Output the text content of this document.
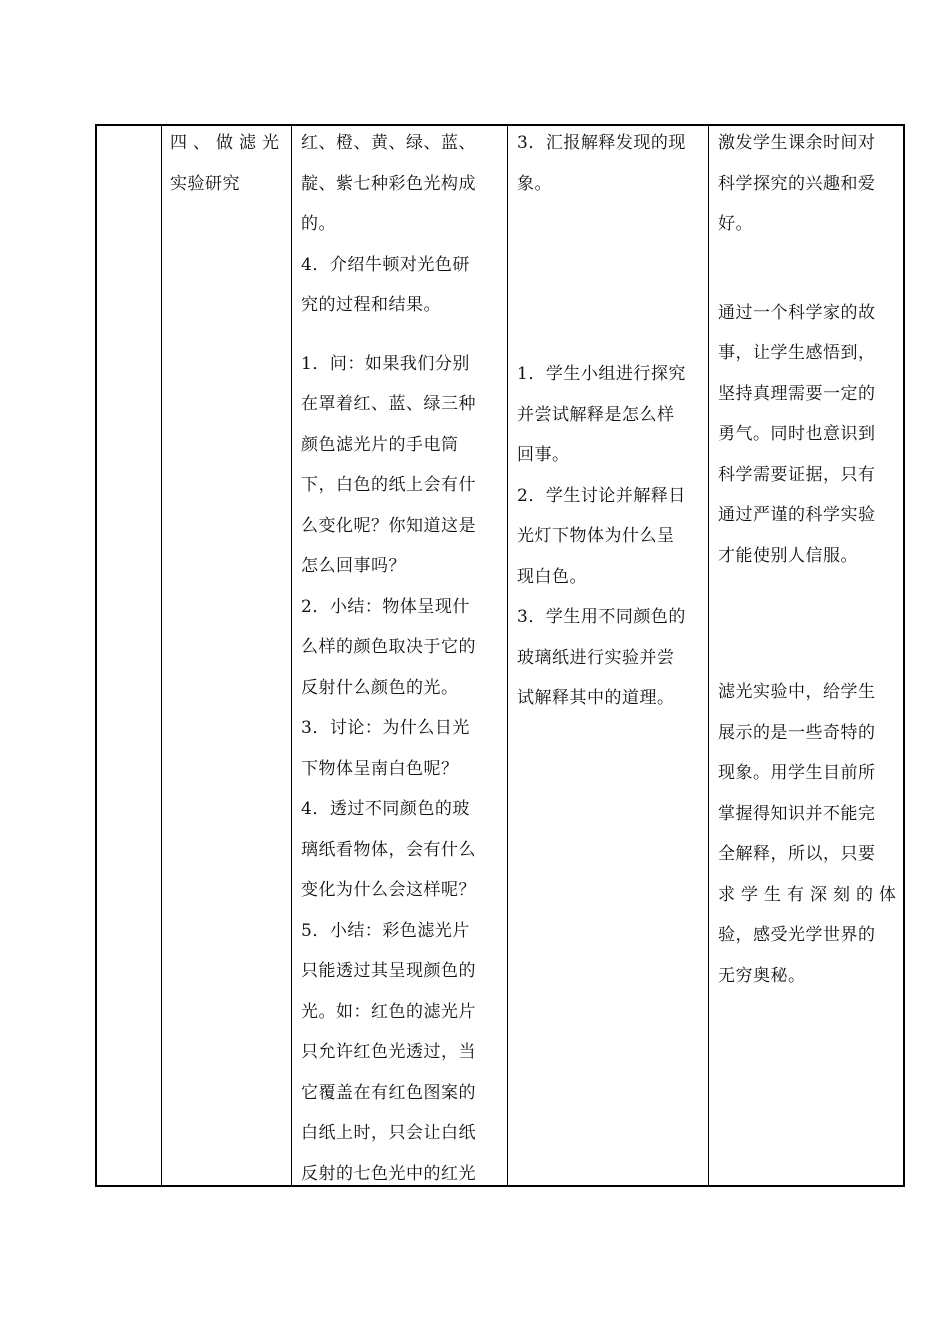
四、做滤光

实验研究

红、橙、黄、绿、蓝、

靛、紫七种彩色光构成

的。

4．介绍牛顿对光色研

究的过程和结果。

1．问：如果我们分别

在罩着红、蓝、绿三种

颜色滤光片的手电筒

下，白色的纸上会有什

么变化呢？你知道这是

怎么回事吗？

2．小结：物体呈现什

么样的颜色取决于它的

反射什么颜色的光。

3．讨论：为什么日光

下物体呈南白色呢？

4．透过不同颜色的玻

璃纸看物体，会有什么

变化为什么会这样呢？

5．小结：彩色滤光片

只能透过其呈现颜色的

光。如：红色的滤光片

只允许红色光透过，当

它覆盖在有红色图案的

白纸上时，只会让白纸

反射的七色光中的红光

3．汇报解释发现的现

象。

1．学生小组进行探究

并尝试解释是怎么样

回事。

2．学生讨论并解释日

光灯下物体为什么呈

现白色。

3．学生用不同颜色的

玻璃纸进行实验并尝

试解释其中的道理。

激发学生课余时间对

科学探究的兴趣和爱

好。

通过一个科学家的故

事，让学生感悟到，

坚持真理需要一定的

勇气。同时也意识到

科学需要证据，只有

通过严谨的科学实验

才能使别人信服。

滤光实验中，给学生

展示的是一些奇特的

现象。用学生目前所

掌握得知识并不能完

全解释，所以，只要

求学生有深刻的体

验，感受光学世界的

无穷奥秘。
